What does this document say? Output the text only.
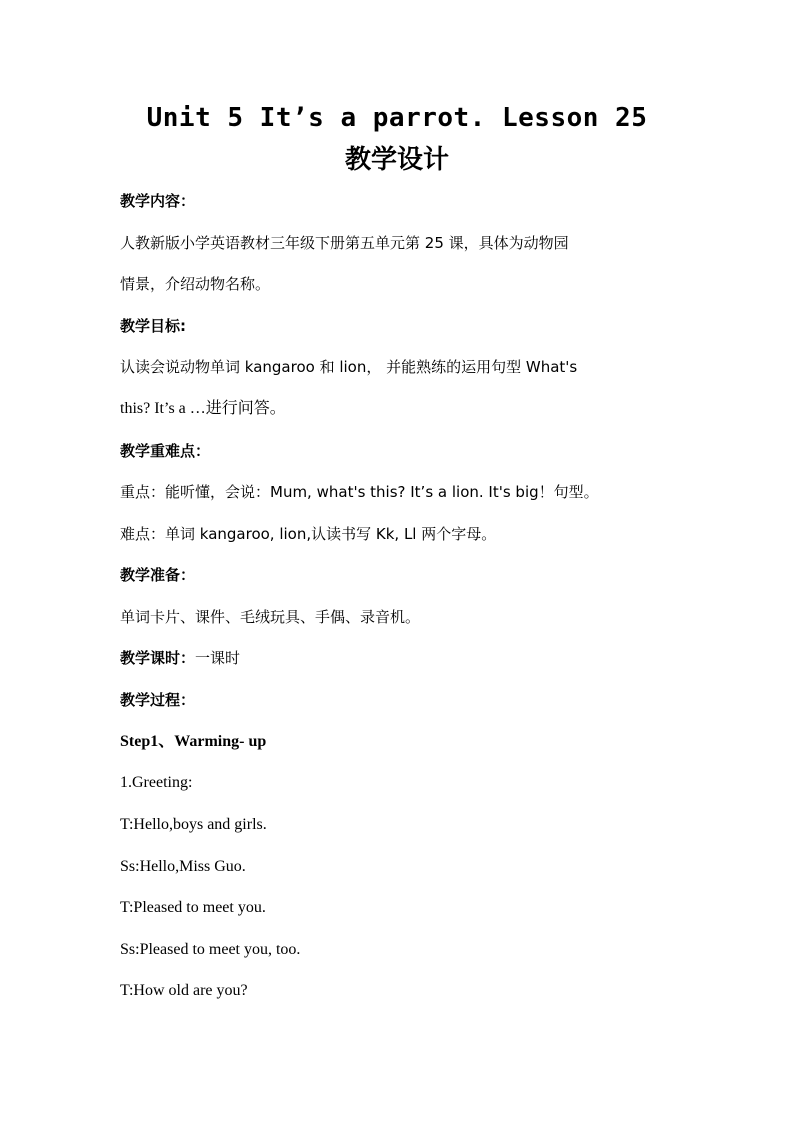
Unit 5 It’s a parrot. Lesson 25
教学设计
教学内容：
人教新版小学英语教材三年级下册第五单元第 25 课，具体为动物园
情景，介绍动物名称。
教学目标:
认读会说动物单词 kangaroo 和 lion， 并能熟练的运用句型 What's
this? It’s a …进行问答。
教学重难点：
重点：能听懂，会说：Mum, what's this? It’s a lion. It's big！句型。
难点：单词 kangaroo, lion,认读书写 Kk, Ll 两个字母。
教学准备：
单词卡片、课件、毛绒玩具、手偶、录音机。
教学课时：一课时
教学过程：
Step1、Warming- up
1.Greeting:
T:Hello,boys and girls.
Ss:Hello,Miss Guo.
T:Pleased to meet you.
Ss:Pleased to meet you, too.
T:How old are you?
